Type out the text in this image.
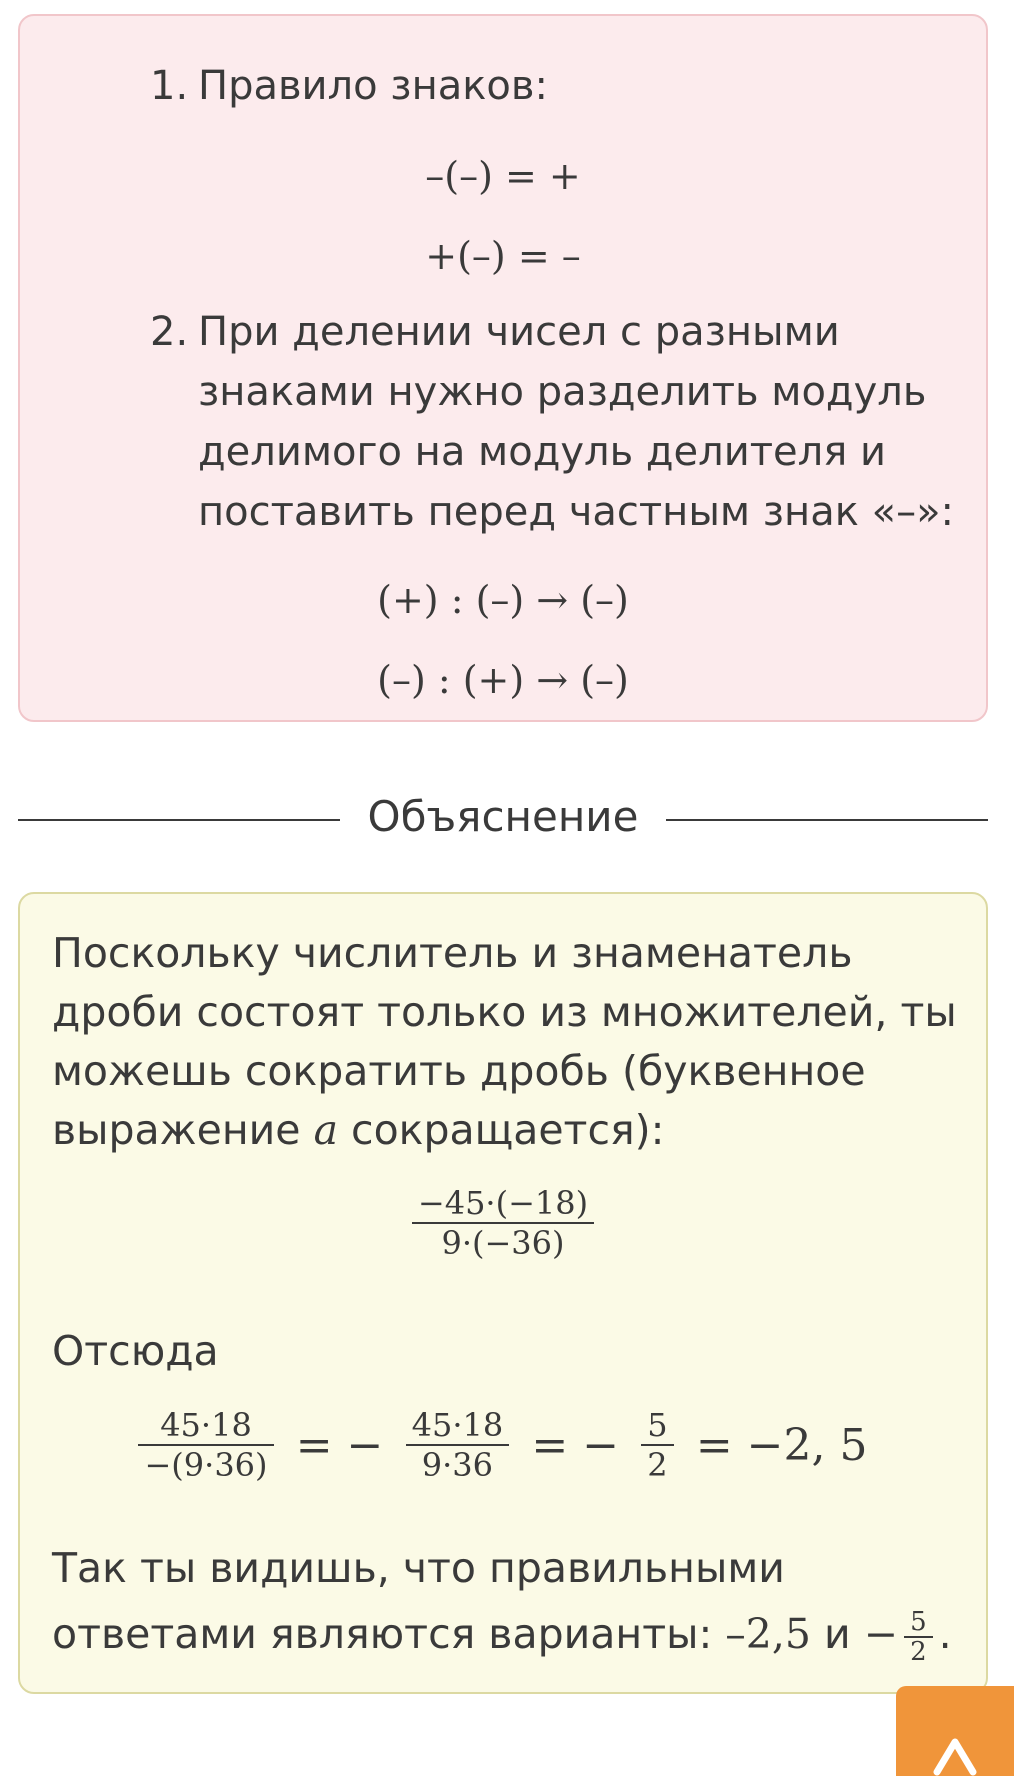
1. Правило знаков:
–(–) = +
+(–) = –
2. При делении чисел с разными
знаками нужно разделить модуль
делимого на модуль делителя и
поставить перед частным знак «–»:
(+) : (–) → (–)
(–) : (+) → (–)
Объяснение
Поскольку числитель и знаменатель
дроби состоят только из множителей, ты
можешь сократить дробь (буквенное
выражение a сокращается):
$\frac{-45\cdot(-18)}{9\cdot(-36)}$
Отсюда
$\frac{45\cdot 18}{-(9\cdot 36)}$ = − $\frac{45\cdot 18}{9\cdot 36}$ = − $\frac{5}{2} = -2$, 5
Так ты видишь, что правильными
ответами являются варианты: –2,5 $и - \frac{5}{2}$ .
